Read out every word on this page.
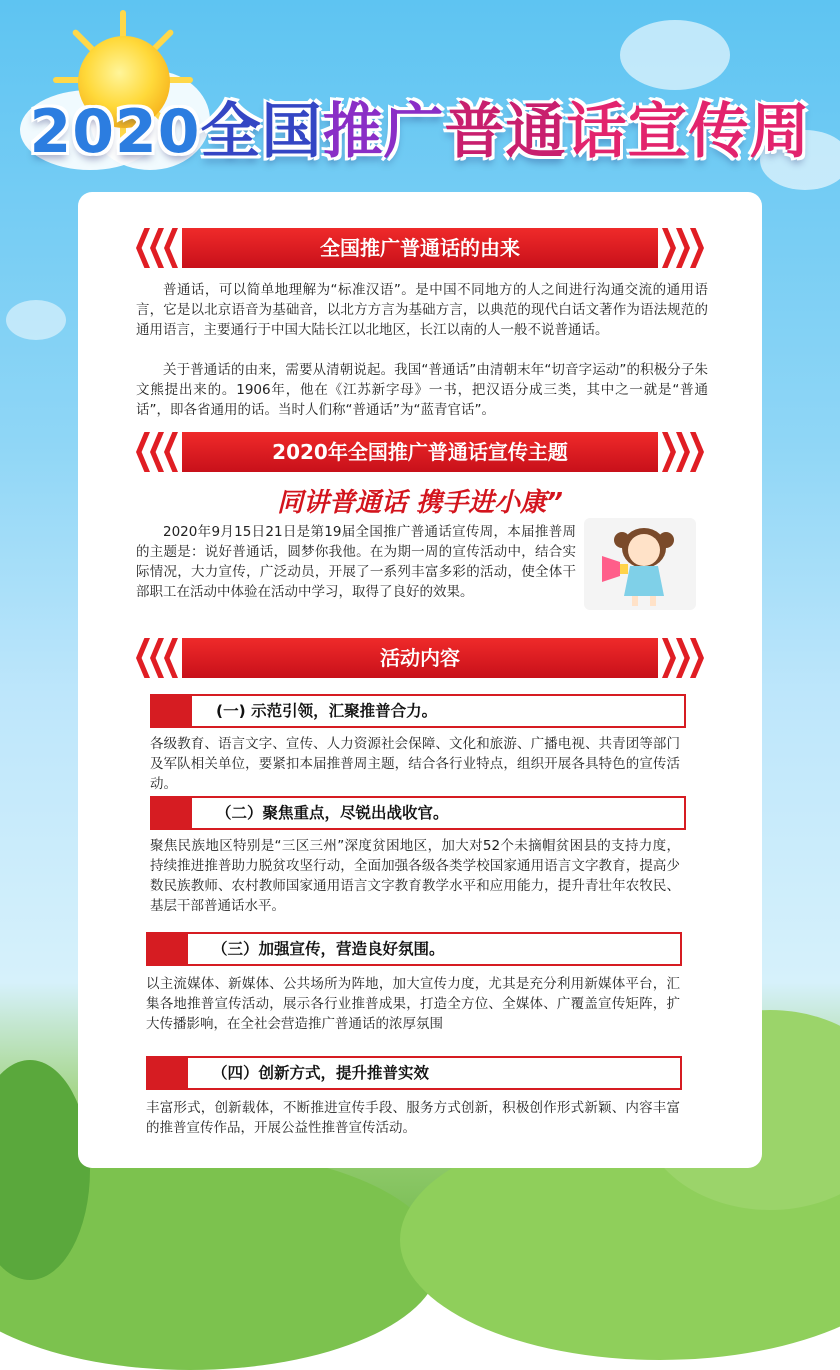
2020全国推广普通话宣传周
全国推广普通话的由来
普通话，可以简单地理解为“标准汉语”。是中国不同地方的人之间进行沟通交流的通用语言，它是以北京语音为基础音，以北方方言为基础方言，以典范的现代白话文著作为语法规范的通用语言，主要通行于中国大陆长江以北地区，长江以南的人一般不说普通话。
关于普通话的由来，需要从清朝说起。我国“普通话”由清朝末年“切音字运动”的积极分子朱文熊提出来的。1906年，他在《江苏新字母》一书，把汉语分成三类，其中之一就是“普通话”，即各省通用的话。当时人们称“普通话”为“蓝青官话”。
2020年全国推广普通话宣传主题
同讲普通话 携手进小康”
2020年9月15日21日是第19届全国推广普通话宣传周，本届推普周的主题是：说好普通话，圆梦你我他。在为期一周的宣传活动中，结合实际情况，大力宣传，广泛动员，开展了一系列丰富多彩的活动，使全体干部职工在活动中体验在活动中学习，取得了良好的效果。
活动内容
(一) 示范引领，汇聚推普合力。
各级教育、语言文字、宣传、人力资源社会保障、文化和旅游、广播电视、共青团等部门及军队相关单位，要紧扣本届推普周主题，结合各行业特点，组织开展各具特色的宣传活动。
（二）聚焦重点，尽锐出战收官。
聚焦民族地区特别是“三区三州”深度贫困地区，加大对52个未摘帽贫困县的支持力度，持续推进推普助力脱贫攻坚行动，全面加强各级各类学校国家通用语言文字教育，提高少数民族教师、农村教师国家通用语言文字教育教学水平和应用能力，提升青壮年农牧民、基层干部普通话水平。
（三）加强宣传，营造良好氛围。
以主流媒体、新媒体、公共场所为阵地，加大宣传力度，尤其是充分利用新媒体平台，汇集各地推普宣传活动，展示各行业推普成果，打造全方位、全媒体、广覆盖宣传矩阵，扩大传播影响，在全社会营造推广普通话的浓厚氛围
（四）创新方式，提升推普实效
丰富形式，创新载体，不断推进宣传手段、服务方式创新，积极创作形式新颖、内容丰富的推普宣传作品，开展公益性推普宣传活动。
